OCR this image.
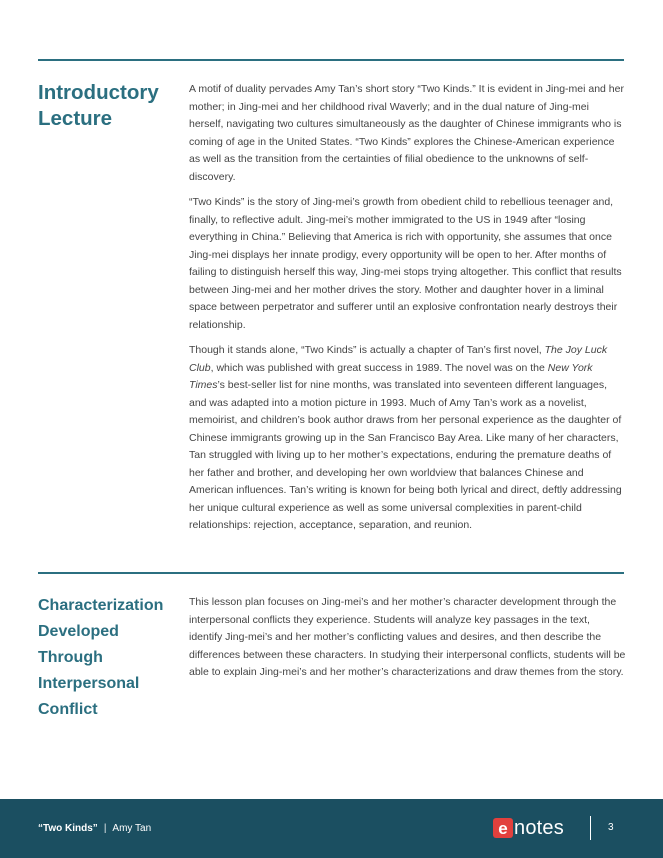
Introductory
Lecture

A motif of duality pervades Amy Tan’s short story “Two Kinds.” It is evident in Jing-mei and her mother; in Jing-mei and her childhood rival Waverly; and in the dual nature of Jing-mei herself, navigating two cultures simultaneously as the daughter of Chinese immigrants who is coming of age in the United States. “Two Kinds” explores the Chinese-American experience as well as the transition from the certainties of filial obedience to the unknowns of self-discovery.

“Two Kinds” is the story of Jing-mei’s growth from obedient child to rebellious teenager and, finally, to reflective adult. Jing-mei’s mother immigrated to the US in 1949 after “losing everything in China.” Believing that America is rich with opportunity, she assumes that once Jing-mei displays her innate prodigy, every opportunity will be open to her. After months of failing to distinguish herself this way, Jing-mei stops trying altogether. This conflict that results between Jing-mei and her mother drives the story. Mother and daughter hover in a liminal space between perpetrator and sufferer until an explosive confrontation nearly destroys their relationship.

Though it stands alone, “Two Kinds” is actually a chapter of Tan’s first novel, The Joy Luck Club, which was published with great success in 1989. The novel was on the New York Times’s best-seller list for nine months, was translated into seventeen different languages, and was adapted into a motion picture in 1993. Much of Amy Tan’s work as a novelist, memoirist, and children’s book author draws from her personal experience as the daughter of Chinese immigrants growing up in the San Francisco Bay Area. Like many of her characters, Tan struggled with living up to her mother’s expectations, enduring the premature deaths of her father and brother, and developing her own worldview that balances Chinese and American influences. Tan’s writing is known for being both lyrical and direct, deftly addressing her unique cultural experience as well as some universal complexities in parent-child relationships: rejection, acceptance, separation, and reunion.

Characterization
Developed
Through
Interpersonal
Conflict

This lesson plan focuses on Jing-mei’s and her mother’s character development through the interpersonal conflicts they experience. Students will analyze key passages in the text, identify Jing-mei’s and her mother’s conflicting values and desires, and then describe the differences between these characters. In studying their interpersonal conflicts, students will be able to explain Jing-mei’s and her mother’s characterizations and draw themes from the story.

“Two Kinds” | Amy Tan	e notes	3
